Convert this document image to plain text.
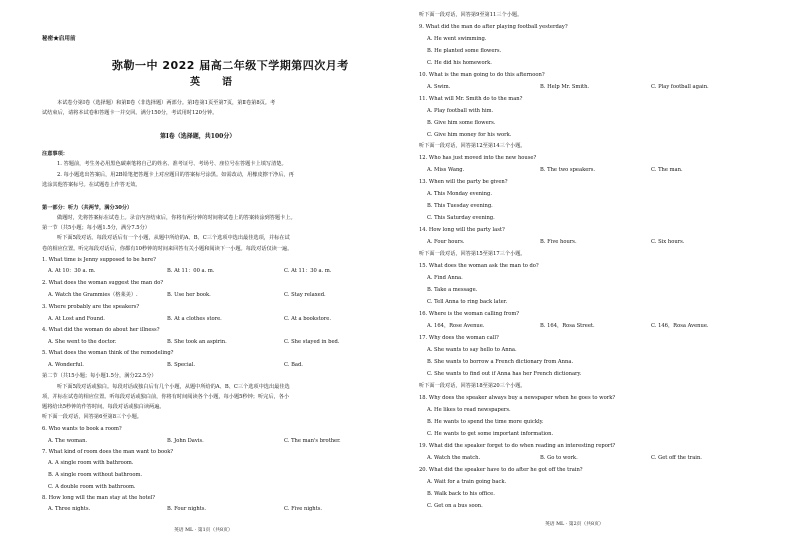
秘密★启用前
弥勒一中 2022 届高二年级下学期第四次月考
英　语
本试卷分第Ⅰ卷（选择题）和第Ⅱ卷（非选择题）两部分。第Ⅰ卷第1页至第7页，第Ⅱ卷第8页。考
试结束后，请将本试卷和答题卡一并交回。满分150分，考试用时120分钟。
第Ⅰ卷（选择题，共100分）
注意事项：
1. 答题前，考生务必用黑色碳素笔将自己的姓名、准考证号、考场号、座位号在答题卡上填写清楚。
2. 每小题选出答案后，用2B铅笔把答题卡上对应题目的答案标号涂黑。如需改动，用橡皮擦干净后，再
选涂其他答案标号。在试题卷上作答无效。
第一部分：听力（共两节，满分30分）
做题时，先将答案标在试卷上。录音内容结束后，你将有两分钟的时间将试卷上的答案转涂到答题卡上。
第一节（共5小题；每小题1.5分，满分7.5分）
听下面5段对话。每段对话后有一个小题，从题中所给的A、B、C三个选项中选出最佳选项，并标在试
卷的相应位置。听完每段对话后，你都有10秒钟的时间来回答有关小题和阅读下一小题。每段对话仅读一遍。
1. What time is Jenny supposed to be here?
A. At 10：30 a. m.	B. At 11：00 a. m.	C. At 11：30 a. m.
2. What does the woman suggest the man do?
A. Watch the Grammies（格莱美）.	B. Use her book.	C. Stay relaxed.
3. Where probably are the speakers?
A. At Lost and Found.	B. At a clothes store.	C. At a bookstore.
4. What did the woman do about her illness?
A. She went to the doctor.	B. She took an aspirin.	C. She stayed in bed.
5. What does the woman think of the remodeling?
A. Wonderful.	B. Special.	C. Bad.
第二节（共15小题；每小题1.5分，满分22.5分）
听下面5段对话或独白。每段对话或独白后有几个小题，从题中所给的A、B、C三个选项中选出最佳选
项，并标在试卷的相应位置。听每段对话或独白前，你将有时间阅读各个小题，每小题5秒钟；听完后，各小
题将给出5秒钟的作答时间。每段对话或独白读两遍。
听下面一段对话，回答第6至第8三个小题。
6. Who wants to book a room?
A. The woman.	B. John Davis.	C. The man's brother.
7. What kind of room does the man want to book?
A. A single room with bathroom.
B. A single room without bathroom.
C. A double room with bathroom.
8. How long will the man stay at the hotel?
A. Three nights.	B. Four nights.	C. Five nights.
英语 ML · 第1页（共8页）
听下面一段对话，回答第9至第11三个小题。
9. What did the man do after playing football yesterday?
A. He went swimming.
B. He planted some flowers.
C. He did his homework.
10. What is the man going to do this afternoon?
A. Swim.	B. Help Mr. Smith.	C. Play football again.
11. What will Mr. Smith do to the man?
A. Play football with him.
B. Give him some flowers.
C. Give him money for his work.
听下面一段对话，回答第12至第14三个小题。
12. Who has just moved into the new house?
A. Miss Wang.	B. The two speakers.	C. The man.
13. When will the party be given?
A. This Monday evening.
B. This Tuesday evening.
C. This Saturday evening.
14. How long will the party last?
A. Four hours.	B. Five hours.	C. Six hours.
听下面一段对话，回答第15至第17三个小题。
15. What does the woman ask the man to do?
A. Find Anna.
B. Take a message.
C. Tell Anna to ring back later.
16. Where is the woman calling from?
A. 164，Rose Avenue.	B. 164，Rosa Street.	C. 146，Rosa Avenue.
17. Why does the woman call?
A. She wants to say hello to Anna.
B. She wants to borrow a French dictionary from Anna.
C. She wants to find out if Anna has her French dictionary.
听下面一段对话，回答第18至第20三个小题。
18. Why does the speaker always buy a newspaper when he goes to work?
A. He likes to read newspapers.
B. He wants to spend the time more quickly.
C. He wants to get some important information.
19. What did the speaker forget to do when reading an interesting report?
A. Watch the match.	B. Go to work.	C. Get off the train.
20. What did the speaker have to do after he got off the train?
A. Wait for a train going back.
B. Walk back to his office.
C. Get on a bus soon.
英语 ML · 第2页（共8页）
